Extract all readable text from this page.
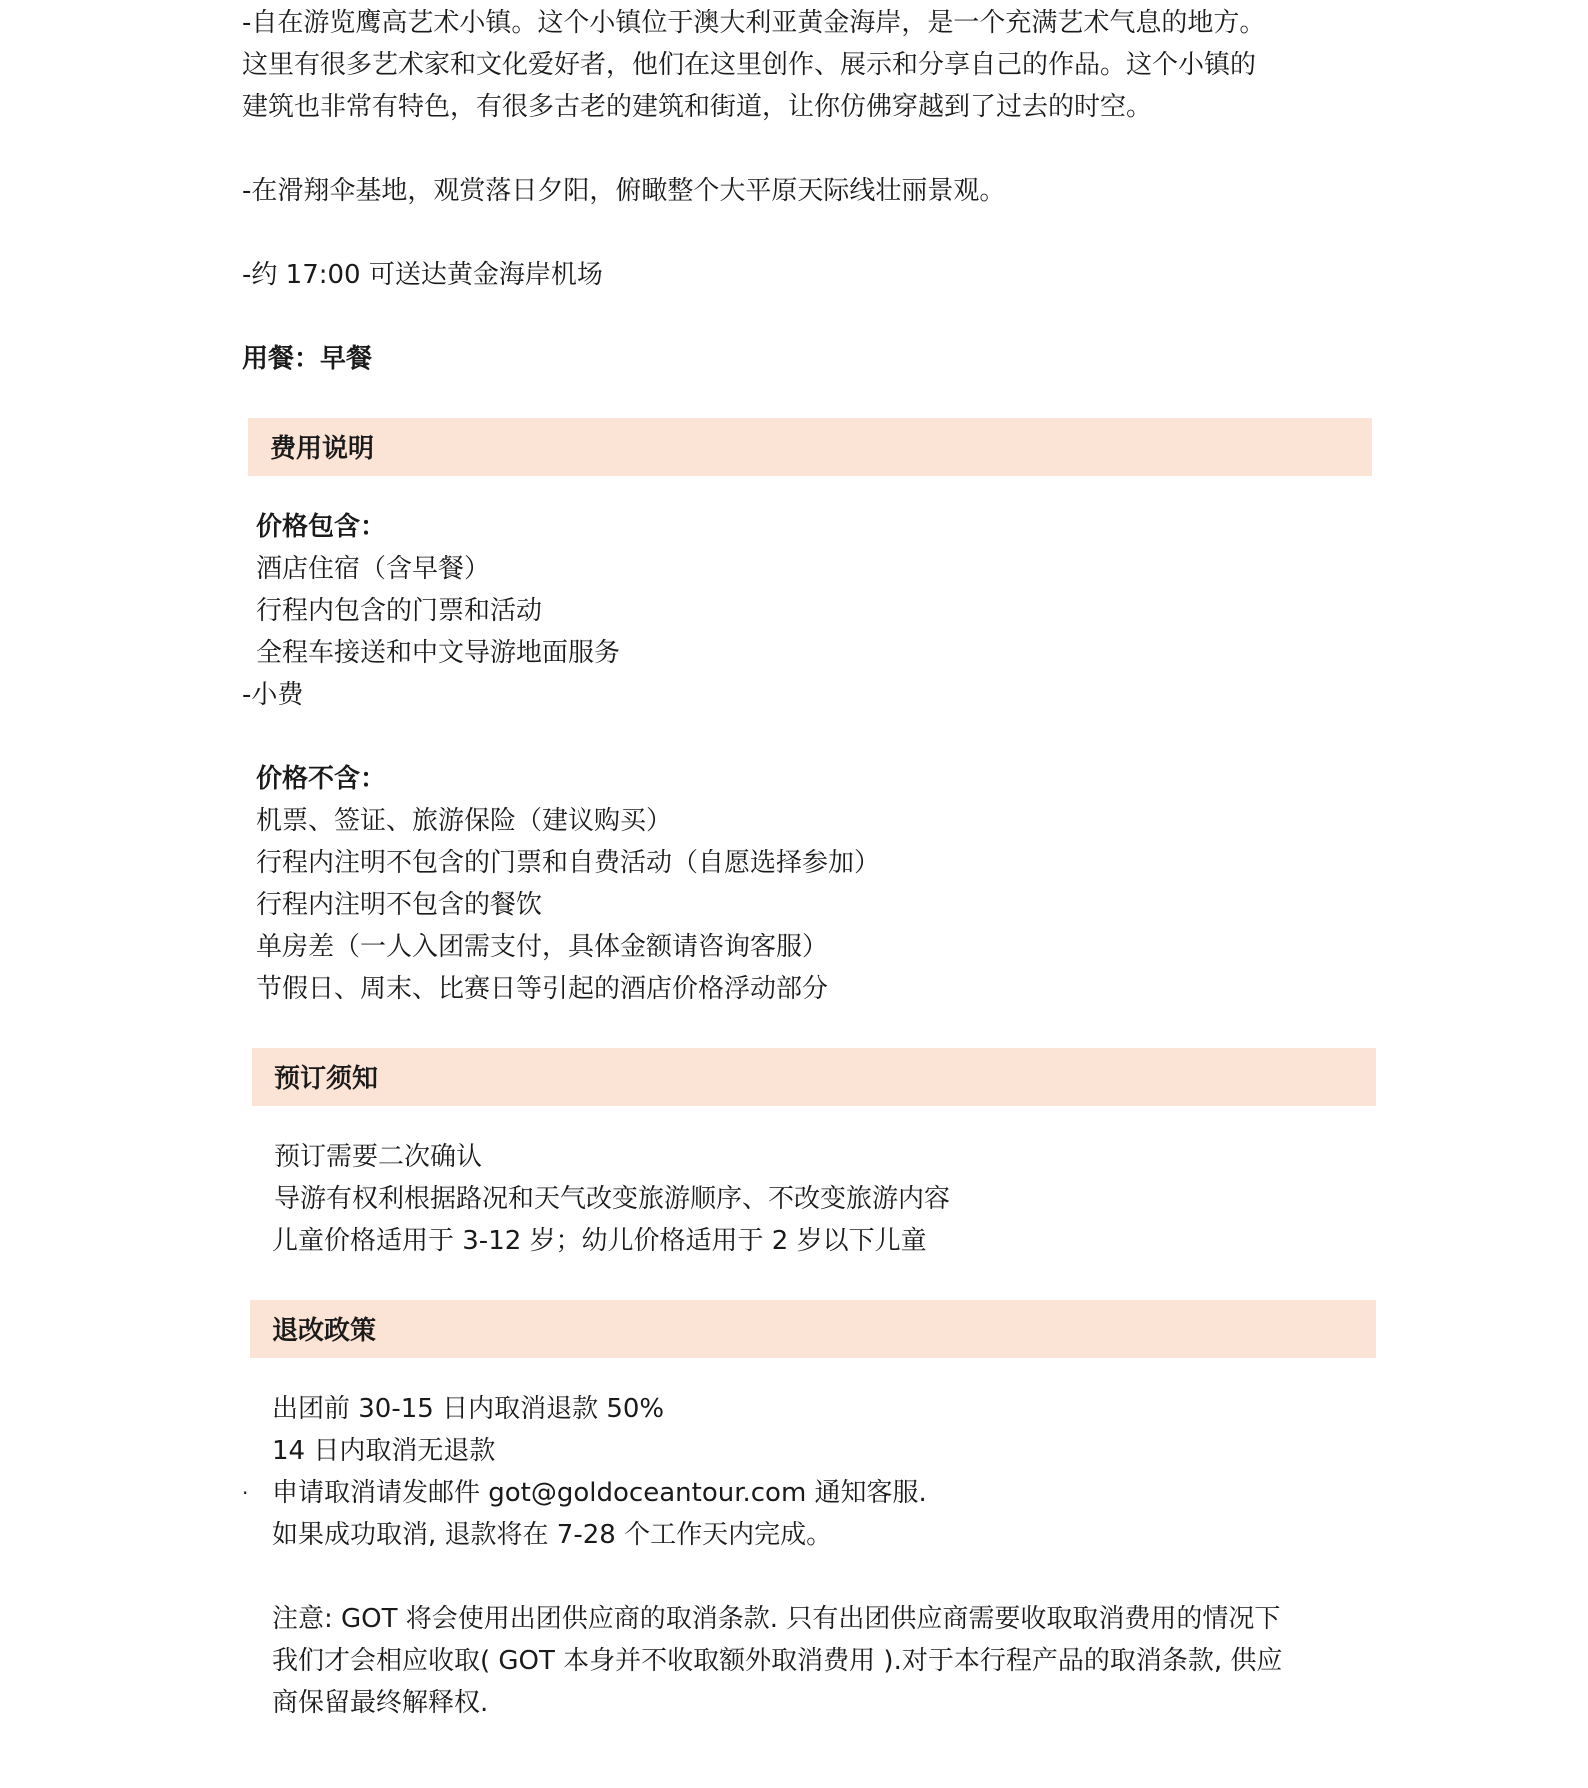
-自在游览鹰高艺术小镇。这个小镇位于澳大利亚黄金海岸，是一个充满艺术气息的地方。

这里有很多艺术家和文化爱好者，他们在这里创作、展示和分享自己的作品。这个小镇的

建筑也非常有特色，有很多古老的建筑和街道，让你仿佛穿越到了过去的时空。

-在滑翔伞基地，观赏落日夕阳，俯瞰整个大平原天际线壮丽景观。

-约 17:00 可送达黄金海岸机场

用餐：早餐

费用说明

价格包含：

酒店住宿（含早餐）

行程内包含的门票和活动

全程车接送和中文导游地面服务

-小费

价格不含：

机票、签证、旅游保险（建议购买）

行程内注明不包含的门票和自费活动（自愿选择参加）

行程内注明不包含的餐饮

单房差（一人入团需支付，具体金额请咨询客服）

节假日、周末、比赛日等引起的酒店价格浮动部分

预订须知

预订需要二次确认

导游有权利根据路况和天气改变旅游顺序、不改变旅游内容

儿童价格适用于 3-12 岁；幼儿价格适用于 2 岁以下儿童

退改政策

出团前 30-15 日内取消退款 50%

14 日内取消无退款

· 申请取消请发邮件 got@goldoceantour.com 通知客服.

如果成功取消, 退款将在 7-28 个工作天内完成。

注意: GOT 将会使用出团供应商的取消条款. 只有出团供应商需要收取取消费用的情况下

我们才会相应收取( GOT 本身并不收取额外取消费用 ).对于本行程产品的取消条款, 供应

商保留最终解释权.
